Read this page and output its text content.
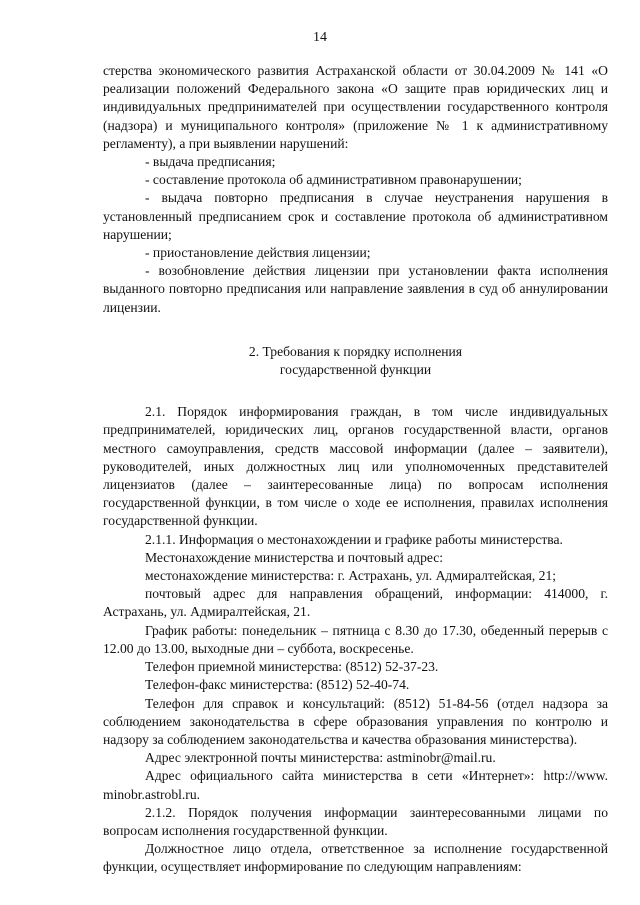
14

стерства экономического развития Астраханской области от 30.04.2009 № 141 «О реализации положений Федерального закона «О защите прав юридических лиц и индивидуальных предпринимателей при осуществлении государственного контроля (надзора) и муниципального контроля» (приложение № 1 к административному регламенту), а при выявлении нарушений:

- выдача предписания;

- составление протокола об административном правонарушении;

- выдача повторно предписания в случае неустранения нарушения в установленный предписанием срок и составление протокола об административном нарушении;

- приостановление действия лицензии;

- возобновление действия лицензии при установлении факта исполнения выданного повторно предписания или направление заявления в суд об аннулировании лицензии.

2. Требования к порядку исполнения
государственной функции

2.1. Порядок информирования граждан, в том числе индивидуальных предпринимателей, юридических лиц, органов государственной власти, органов местного самоуправления, средств массовой информации (далее – заявители), руководителей, иных должностных лиц или уполномоченных представителей лицензиатов (далее – заинтересованные лица) по вопросам исполнения государственной функции, в том числе о ходе ее исполнения, правилах исполнения государственной функции.

2.1.1. Информация о местонахождении и графике работы министерства.

Местонахождение министерства и почтовый адрес:

местонахождение министерства: г. Астрахань, ул. Адмиралтейская, 21;

почтовый адрес для направления обращений, информации: 414000, г. Астрахань, ул. Адмиралтейская, 21.

График работы: понедельник – пятница с 8.30 до 17.30, обеденный перерыв с 12.00 до 13.00, выходные дни – суббота, воскресенье.

Телефон приемной министерства: (8512) 52-37-23.

Телефон-факс министерства: (8512) 52-40-74.

Телефон для справок и консультаций: (8512) 51-84-56 (отдел надзора за соблюдением законодательства в сфере образования управления по контролю и надзору за соблюдением законодательства и качества образования министерства).

Адрес электронной почты министерства: astminobr@mail.ru.

Адрес официального сайта министерства в сети «Интернет»: http://www. minobr.astrobl.ru.

2.1.2. Порядок получения информации заинтересованными лицами по вопросам исполнения государственной функции.

Должностное лицо отдела, ответственное за исполнение государственной функции, осуществляет информирование по следующим направлениям:
